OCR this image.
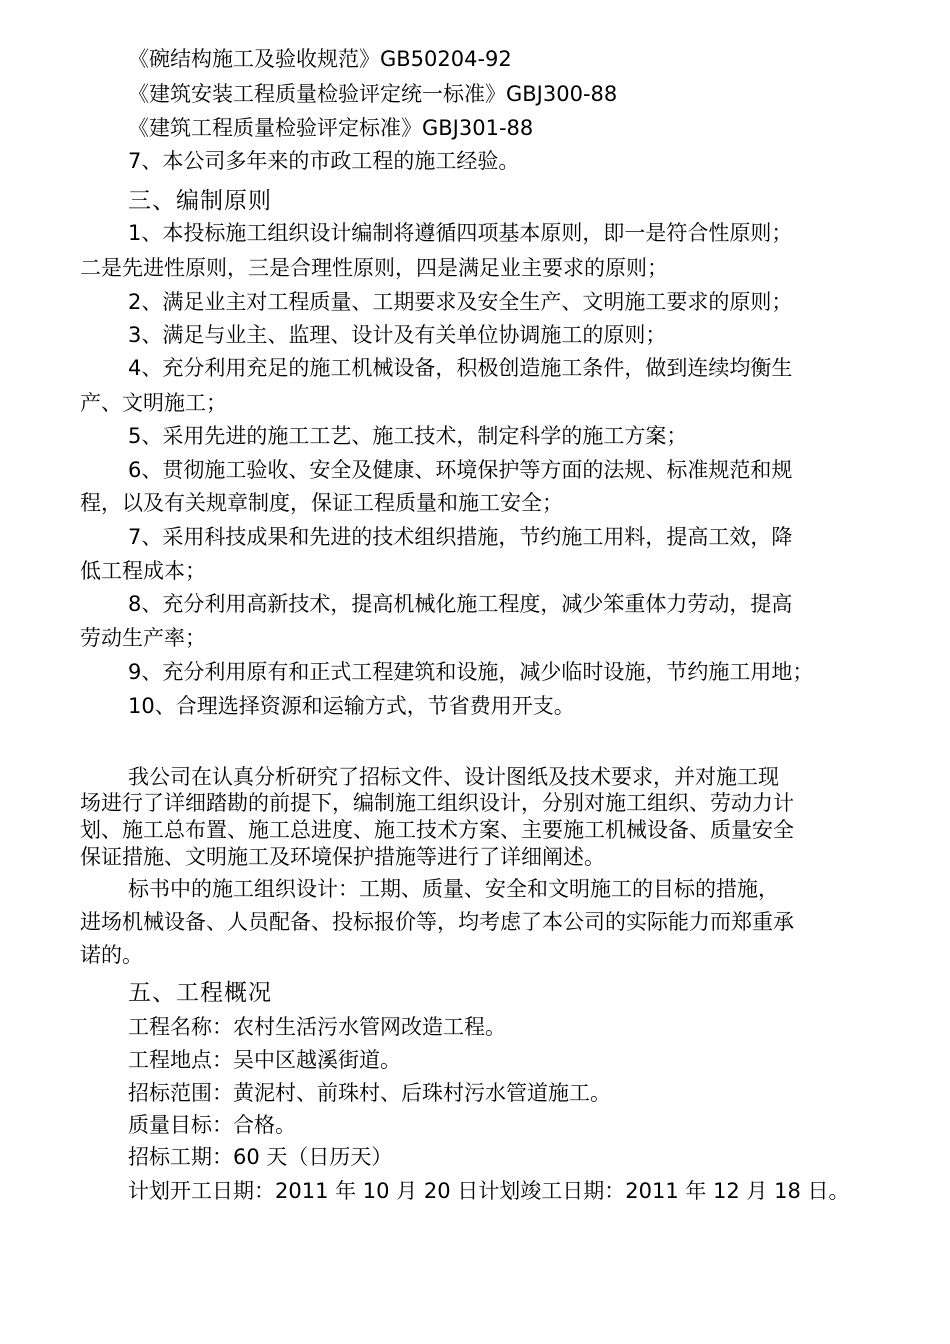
《碗结构施工及验收规范》GB50204-92
《建筑安装工程质量检验评定统一标准》GBJ300-88
《建筑工程质量检验评定标准》GBJ301-88
7、本公司多年来的市政工程的施工经验。
三、编制原则
1、本投标施工组织设计编制将遵循四项基本原则，即一是符合性原则；
二是先进性原则，三是合理性原则，四是满足业主要求的原则；
2、满足业主对工程质量、工期要求及安全生产、文明施工要求的原则；
3、满足与业主、监理、设计及有关单位协调施工的原则；
4、充分利用充足的施工机械设备，积极创造施工条件，做到连续均衡生
产、文明施工；
5、采用先进的施工工艺、施工技术，制定科学的施工方案；
6、贯彻施工验收、安全及健康、环境保护等方面的法规、标准规范和规
程，以及有关规章制度，保证工程质量和施工安全；
7、采用科技成果和先进的技术组织措施，节约施工用料，提高工效，降
低工程成本；
8、充分利用高新技术，提高机械化施工程度，减少笨重体力劳动，提高
劳动生产率；
9、充分利用原有和正式工程建筑和设施，减少临时设施，节约施工用地；
10、合理选择资源和运输方式，节省费用开支。
我公司在认真分析研究了招标文件、设计图纸及技术要求，并对施工现
场进行了详细踏勘的前提下，编制施工组织设计，分别对施工组织、劳动力计
划、施工总布置、施工总进度、施工技术方案、主要施工机械设备、质量安全
保证措施、文明施工及环境保护措施等进行了详细阐述。
标书中的施工组织设计：工期、质量、安全和文明施工的目标的措施，
进场机械设备、人员配备、投标报价等，均考虑了本公司的实际能力而郑重承
诺的。
五、工程概况
工程名称：农村生活污水管网改造工程。
工程地点：吴中区越溪街道。
招标范围：黄泥村、前珠村、后珠村污水管道施工。
质量目标：合格。
招标工期：60 天（日历天）
计划开工日期：2011 年 10 月 20 日计划竣工日期：2011 年 12 月 18 日。
